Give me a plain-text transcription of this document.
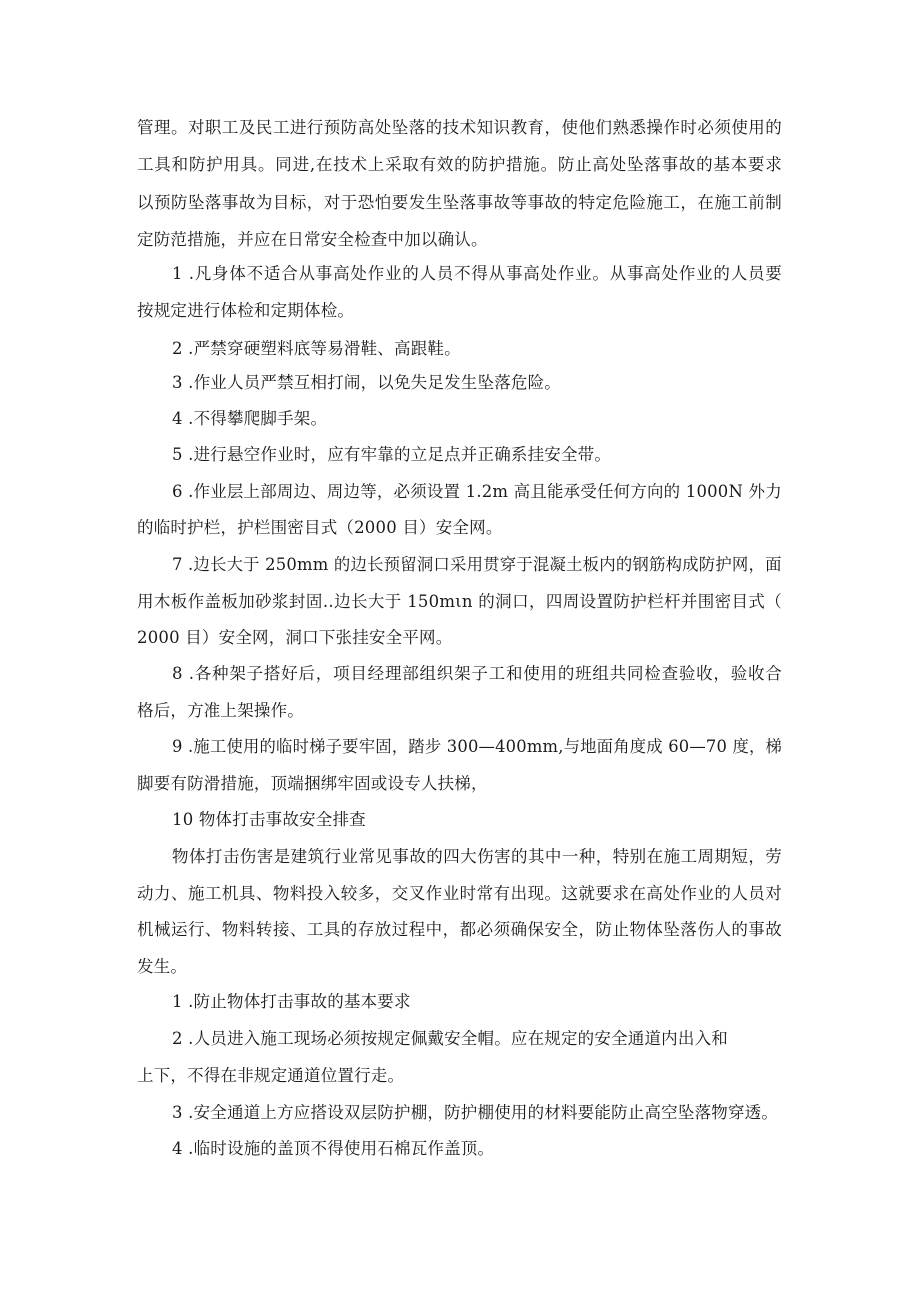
管理。对职工及民工进行预防高处坠落的技术知识教育，使他们熟悉操作时必须使用的
工具和防护用具。同进,在技术上采取有效的防护措施。防止高处坠落事故的基本要求
以预防坠落事故为目标，对于恐怕要发生坠落事故等事故的特定危险施工，在施工前制
定防范措施，并应在日常安全检查中加以确认。
1 .凡身体不适合从事高处作业的人员不得从事高处作业。从事高处作业的人员要
按规定进行体检和定期体检。
2 .严禁穿硬塑料底等易滑鞋、高跟鞋。
3 .作业人员严禁互相打闹，以免失足发生坠落危险。
4 .不得攀爬脚手架。
5 .进行悬空作业时，应有牢靠的立足点并正确系挂安全带。
6 .作业层上部周边、周边等，必须设置 1.2m 高且能承受任何方向的 1000N 外力
的临时护栏，护栏围密目式（2000 目）安全网。
7 .边长大于 250mm 的边长预留洞口采用贯穿于混凝土板内的钢筋构成防护网，面
用木板作盖板加砂浆封固‥边长大于 150mιn 的洞口，四周设置防护栏杆并围密目式（
2000 目）安全网，洞口下张挂安全平网。
8 .各种架子搭好后，项目经理部组织架子工和使用的班组共同检查验收，验收合
格后，方准上架操作。
9 .施工使用的临时梯子要牢固，踏步 300—400mm,与地面角度成 60—70 度，梯
脚要有防滑措施，顶端捆绑牢固或设专人扶梯，
10 物体打击事故安全排查
物体打击伤害是建筑行业常见事故的四大伤害的其中一种，特别在施工周期短，劳
动力、施工机具、物料投入较多，交叉作业时常有出现。这就要求在高处作业的人员对
机械运行、物料转接、工具的存放过程中，都必须确保安全，防止物体坠落伤人的事故
发生。
1 .防止物体打击事故的基本要求
2 .人员进入施工现场必须按规定佩戴安全帽。应在规定的安全通道内出入和
上下，不得在非规定通道位置行走。
3 .安全通道上方应搭设双层防护棚，防护棚使用的材料要能防止高空坠落物穿透。
4 .临时设施的盖顶不得使用石棉瓦作盖顶。
